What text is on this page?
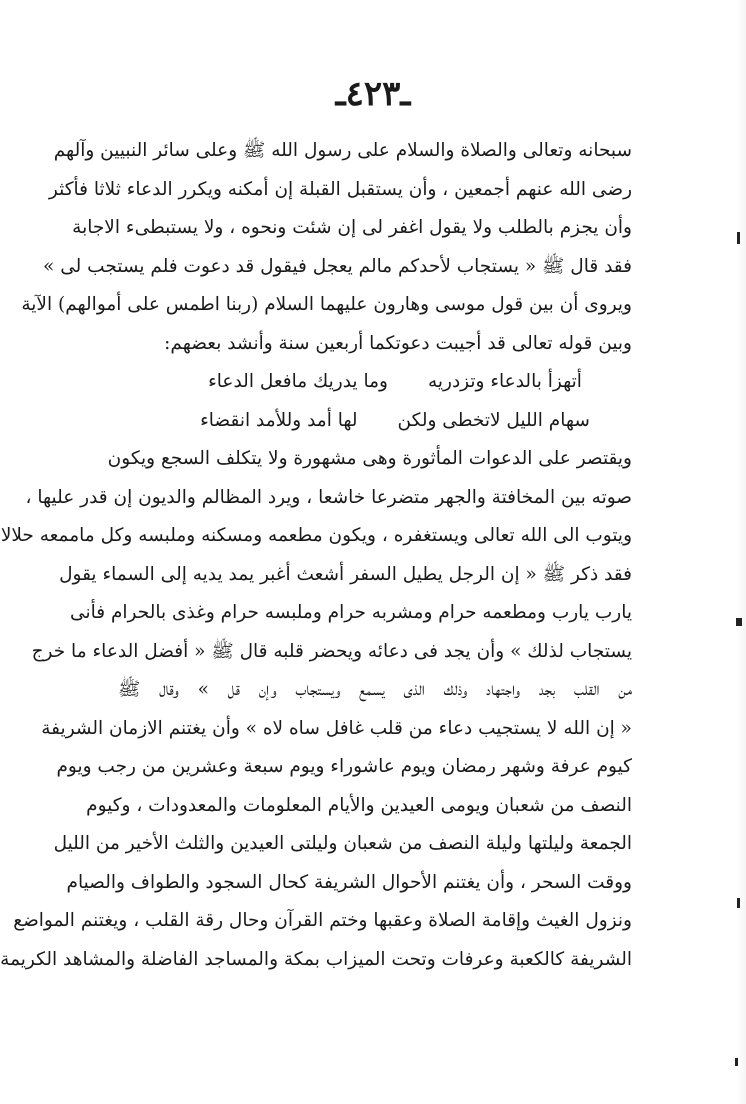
ـ٤٢٣ـ
سبحانه وتعالى والصلاة والسلام على رسول الله ﷺ وعلى سائر النبيين وآلهم
رضى الله عنهم أجمعين ، وأن يستقبل القبلة إن أمكنه ويكرر الدعاء ثلاثا فأكثر
وأن يجزم بالطلب ولا يقول اغفر لى إن شئت ونحوه ، ولا يستبطىء الاجابة
فقد قال ﷺ « يستجاب لأحدكم مالم يعجل فيقول قد دعوت فلم يستجب لى »
ويروى أن بين قول موسى وهارون عليهما السلام (ربنا اطمس على أموالهم) الآية
وبين قوله تعالى قد أجيبت دعوتكما أربعين سنة وأنشد بعضهم:
أتهزأ بالدعاء وتزدريه
وما يدريك مافعل الدعاء
سهام الليل لاتخطى ولكن
لها أمد وللأمد انقضاء
ويقتصر على الدعوات المأثورة وهى مشهورة ولا يتكلف السجع ويكون
صوته بين المخافتة والجهر متضرعا خاشعا ، ويرد المظالم والديون إن قدر عليها ،
ويتوب الى الله تعالى ويستغفره ، ويكون مطعمه ومسكنه وملبسه وكل ماممعه حلالا
فقد ذكر ﷺ « إن الرجل يطيل السفر أشعث أغبر يمد يديه إلى السماء يقول
يارب يارب ومطعمه حرام ومشربه حرام وملبسه حرام وغذى بالحرام فأنى
يستجاب لذلك » وأن يجد فى دعائه ويحضر قلبه قال ﷺ « أفضل الدعاء ما خرج
من القلب بجد واجتهاد وذلك الذى يسمع ويستجاب وإن قل » وقال ﷺ
« إن الله لا يستجيب دعاء من قلب غافل ساه لاه » وأن يغتنم الازمان الشريفة
كيوم عرفة وشهر رمضان ويوم عاشوراء ويوم سبعة وعشرين من رجب ويوم
النصف من شعبان ويومى العيدين والأيام المعلومات والمعدودات ، وكيوم
الجمعة وليلتها وليلة النصف من شعبان وليلتى العيدين والثلث الأخير من الليل
ووقت السحر ، وأن يغتنم الأحوال الشريفة كحال السجود والطواف والصيام
ونزول الغيث وإقامة الصلاة وعقبها وختم القرآن وحال رقة القلب ، ويغتنم المواضع
الشريفة كالكعبة وعرفات وتحت الميزاب بمكة والمساجد الفاضلة والمشاهد الكريمة
